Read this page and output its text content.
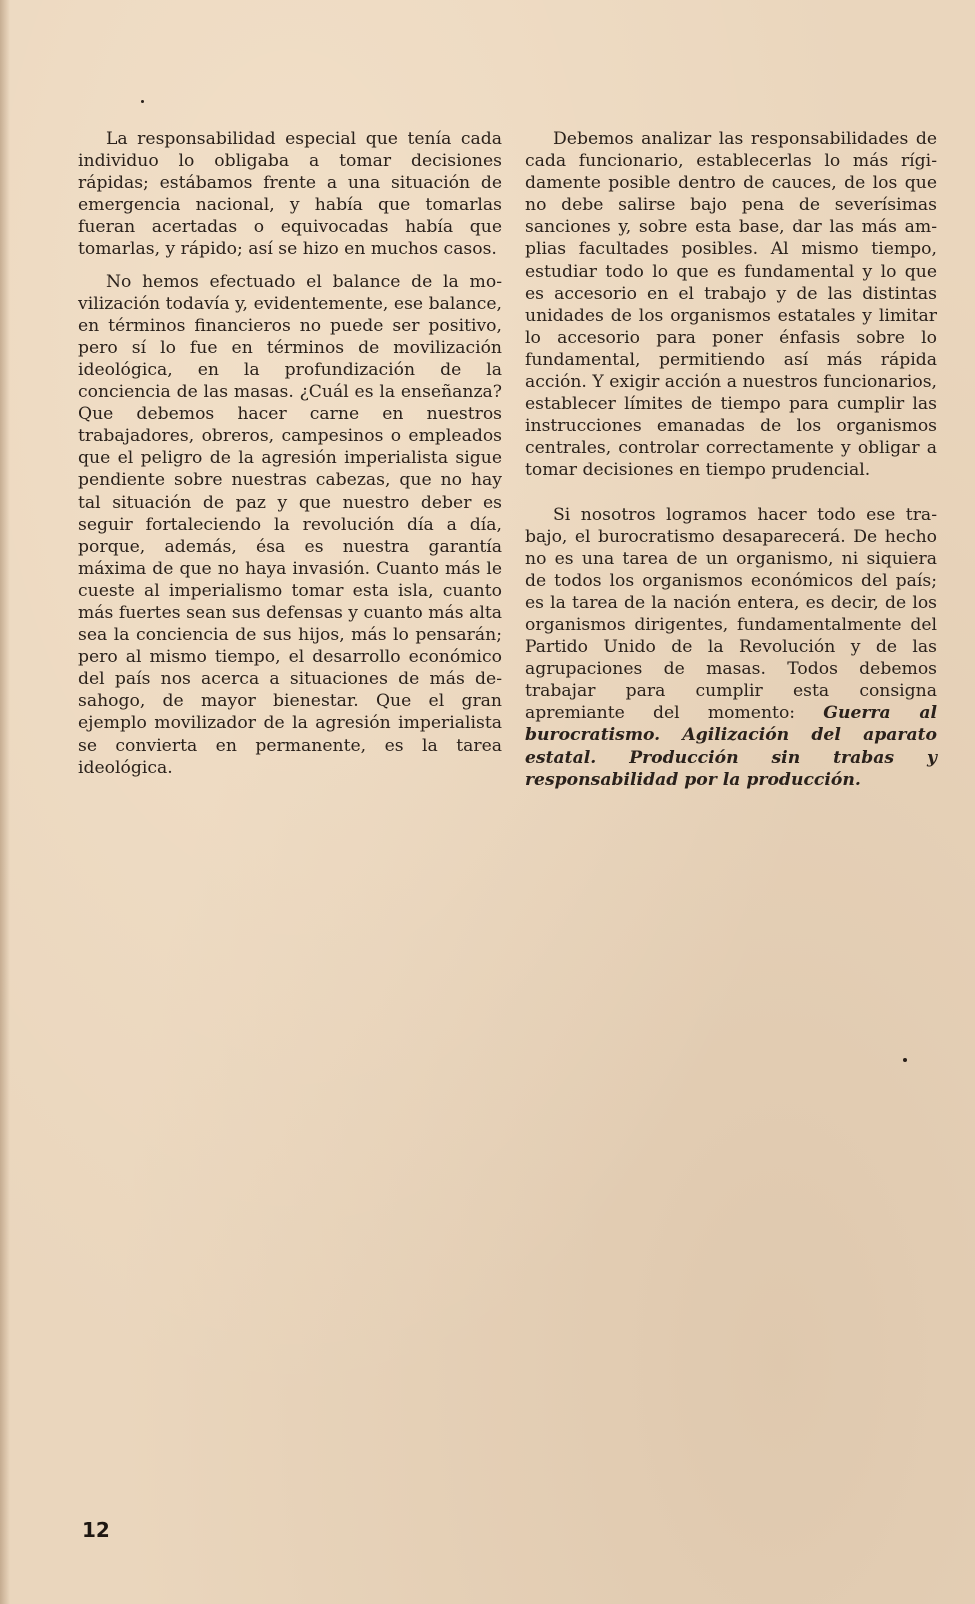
La responsabilidad especial que tenía cada individuo lo obligaba a tomar decisiones rápidas; estábamos frente a una situación de emergencia nacional, y había que tomarlas fueran acertadas o equivocadas había que tomarlas, y rápido; así se hizo en muchos casos.

No hemos efectuado el balance de la movilización todavía y, evidentemente, ese balance, en términos financieros no puede ser positivo, pero sí lo fue en términos de movilización ideológica, en la profundización de la conciencia de las masas. ¿Cuál es la enseñanza? Que debemos hacer carne en nuestros trabajadores, obreros, campesinos o empleados que el peligro de la agresión imperialista sigue pendiente sobre nuestras cabezas, que no hay tal situación de paz y que nuestro deber es seguir fortaleciendo la revolución día a día, porque, además, ésa es nuestra garantía máxima de que no haya invasión. Cuanto más le cueste al imperialismo tomar esta isla, cuanto más fuertes sean sus defensas y cuanto más alta sea la conciencia de sus hijos, más lo pensarán; pero al mismo tiempo, el desarrollo económico del país nos acerca a situaciones de más desahogo, de mayor bienestar. Que el gran ejemplo movilizador de la agresión imperialista se convierta en permanente, es la tarea ideológica.

Debemos analizar las responsabilidades de cada funcionario, establecerlas lo más rígidamente posible dentro de cauces, de los que no debe salirse bajo pena de severísimas sanciones y, sobre esta base, dar las más amplias facultades posibles. Al mismo tiempo, estudiar todo lo que es fundamental y lo que es accesorio en el trabajo y de las distintas unidades de los organismos estatales y limitar lo accesorio para poner énfasis sobre lo fundamental, permitiendo así más rápida acción. Y exigir acción a nuestros funcionarios, establecer límites de tiempo para cumplir las instrucciones emanadas de los organismos centrales, controlar correctamente y obligar a tomar decisiones en tiempo prudencial.

Si nosotros logramos hacer todo ese trabajo, el burocratismo desaparecerá. De hecho no es una tarea de un organismo, ni siquiera de todos los organismos económicos del país; es la tarea de la nación entera, es decir, de los organismos dirigentes, fundamentalmente del Partido Unido de la Revolución y de las agrupaciones de masas. Todos debemos trabajar para cumplir esta consigna apremiante del momento: Guerra al burocratismo. Agilización del aparato estatal. Producción sin trabas y responsabilidad por la producción.

12
